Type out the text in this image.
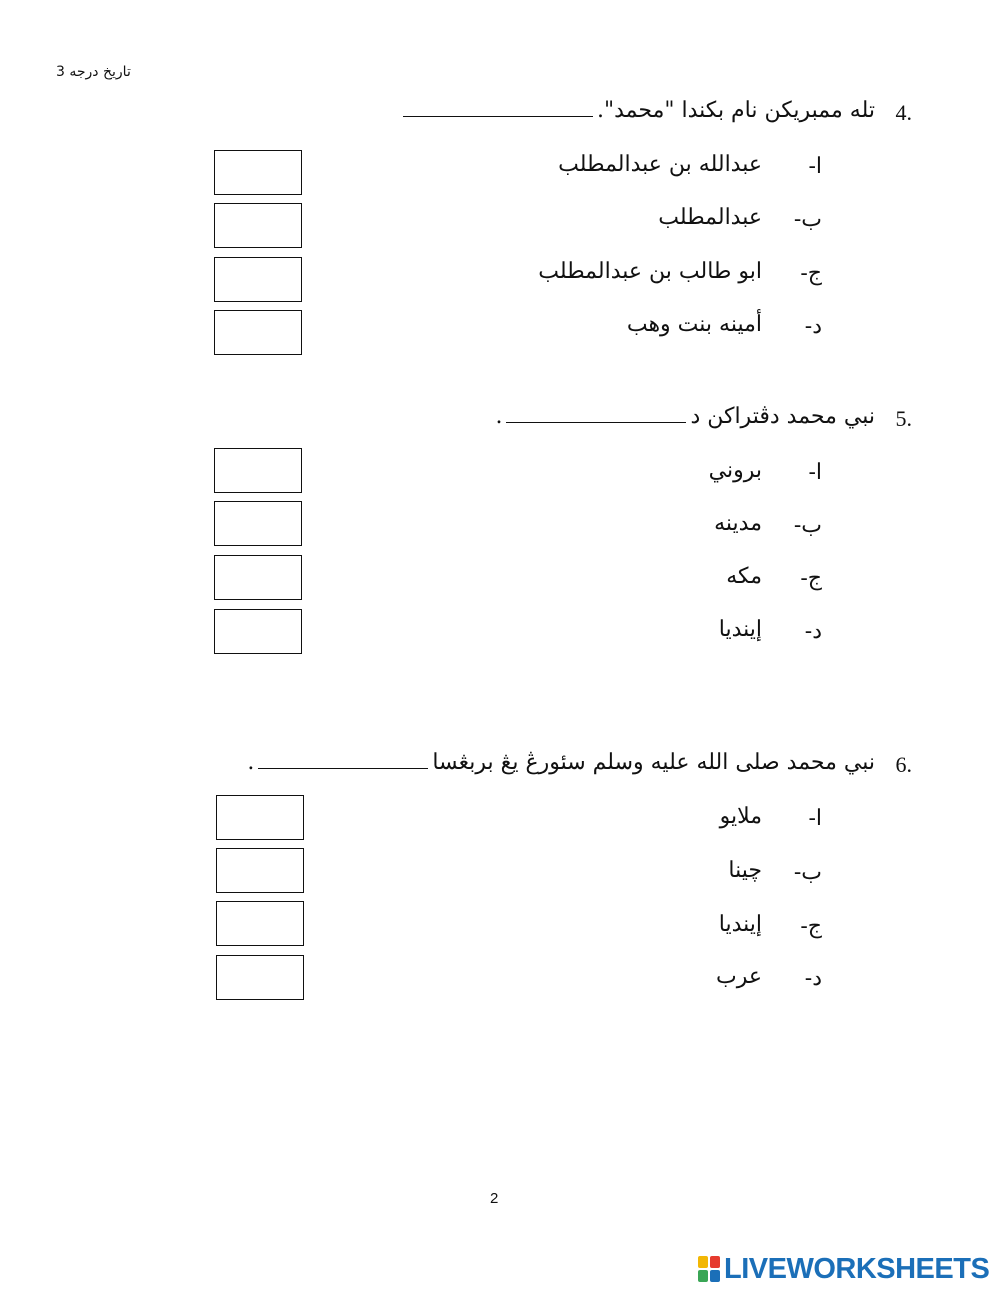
تاريخ درجه 3
4.
تله ممبريكن نام بكندا "محمد".
ا-
عبدالله بن عبدالمطلب
ب-
عبدالمطلب
ج-
ابو طالب بن عبدالمطلب
د-
أمينه بنت وهب
5.
نبي محمد دڤتراكن د.
ا-
بروني
ب-
مدينه
ج-
مكه
د-
إينديا
6.
نبي محمد صلى الله عليه وسلم سئورڠ يڠ بربڠسا.
ا-
ملايو
ب-
چينا
ج-
إينديا
د-
عرب
2
LIVEWORKSHEETS
